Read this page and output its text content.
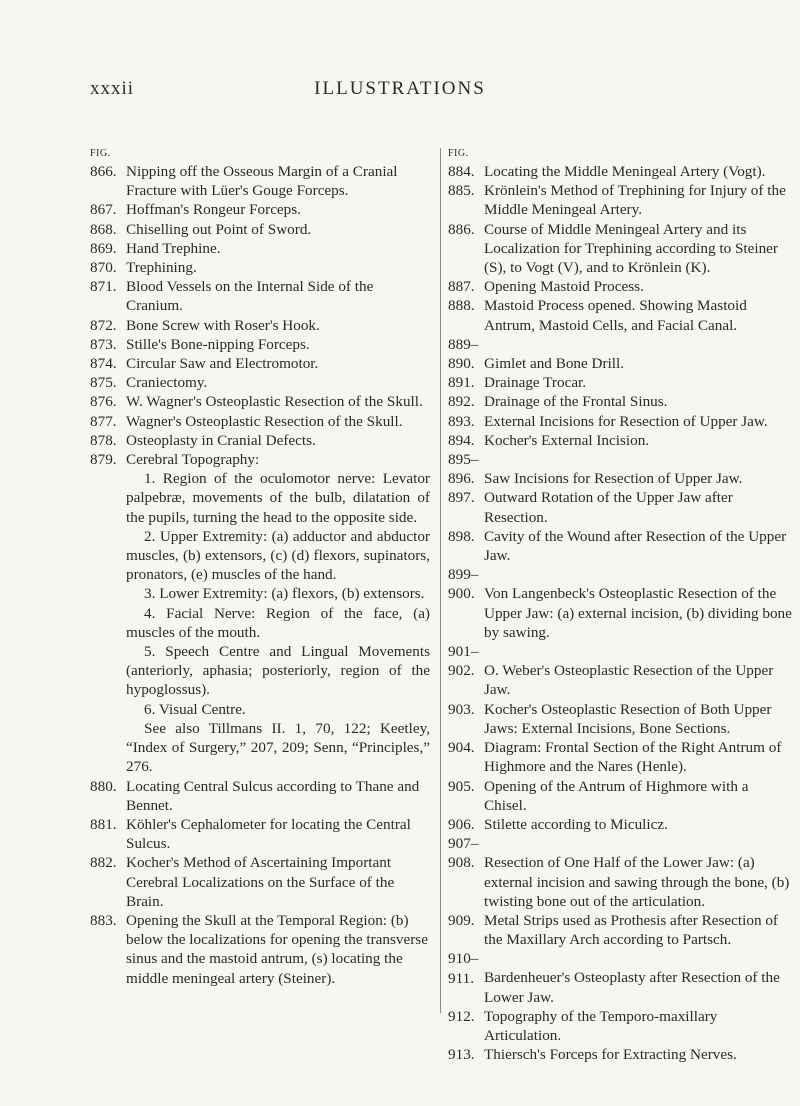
xxxii	ILLUSTRATIONS
FIG.

866. Nipping off the Osseous Margin of a Cranial Fracture with Lüer's Gouge Forceps.

867. Hoffman's Rongeur Forceps.

868. Chiselling out Point of Sword.

869. Hand Trephine.

870. Trephining.

871. Blood Vessels on the Internal Side of the Cranium.

872. Bone Screw with Roser's Hook.

873. Stille's Bone-nipping Forceps.

874. Circular Saw and Electromotor.

875. Craniectomy.

876. W. Wagner's Osteoplastic Resection of the Skull.

877. Wagner's Osteoplastic Resection of the Skull.

878. Osteoplasty in Cranial Defects.

879. Cerebral Topography:

1. Region of the oculomotor nerve: Levator palpebræ, movements of the bulb, dilatation of the pupils, turning the head to the opposite side.

2. Upper Extremity: (a) adductor and abductor muscles, (b) extensors, (c) (d) flexors, supinators, pronators, (e) muscles of the hand.

3. Lower Extremity: (a) flexors, (b) extensors.

4. Facial Nerve: Region of the face, (a) muscles of the mouth.

5. Speech Centre and Lingual Movements (anteriorly, aphasia; posteriorly, region of the hypoglossus).

6. Visual Centre.

See also Tillmans II. 1, 70, 122; Keetley, “Index of Surgery,” 207, 209; Senn, “Principles,” 276.

880. Locating Central Sulcus according to Thane and Bennet.

881. Köhler's Cephalometer for locating the Central Sulcus.

882. Kocher's Method of Ascertaining Important Cerebral Localizations on the Surface of the Brain.

883. Opening the Skull at the Temporal Region: (b) below the localizations for opening the transverse sinus and the mastoid antrum, (s) locating the middle meningeal artery (Steiner).

FIG.

884. Locating the Middle Meningeal Artery (Vogt).

885. Krönlein's Method of Trephining for Injury of the Middle Meningeal Artery.

886. Course of Middle Meningeal Artery and its Localization for Trephining according to Steiner (S), to Vogt (V), and to Krönlein (K).

887. Opening Mastoid Process.

888. Mastoid Process opened. Showing Mastoid Antrum, Mastoid Cells, and Facial Canal.

889–890. Gimlet and Bone Drill.

891. Drainage Trocar.

892. Drainage of the Frontal Sinus.

893. External Incisions for Resection of Upper Jaw.

894. Kocher's External Incision.

895–896. Saw Incisions for Resection of Upper Jaw.

897. Outward Rotation of the Upper Jaw after Resection.

898. Cavity of the Wound after Resection of the Upper Jaw.

899–900. Von Langenbeck's Osteoplastic Resection of the Upper Jaw: (a) external incision, (b) dividing bone by sawing.

901–902. O. Weber's Osteoplastic Resection of the Upper Jaw.

903. Kocher's Osteoplastic Resection of Both Upper Jaws: External Incisions, Bone Sections.

904. Diagram: Frontal Section of the Right Antrum of Highmore and the Nares (Henle).

905. Opening of the Antrum of Highmore with a Chisel.

906. Stilette according to Miculicz.

907–908. Resection of One Half of the Lower Jaw: (a) external incision and sawing through the bone, (b) twisting bone out of the articulation.

909. Metal Strips used as Prothesis after Resection of the Maxillary Arch according to Partsch.

910–911. Bardenheuer's Osteoplasty after Resection of the Lower Jaw.

912. Topography of the Temporo-maxillary Articulation.

913. Thiersch's Forceps for Extracting Nerves.
